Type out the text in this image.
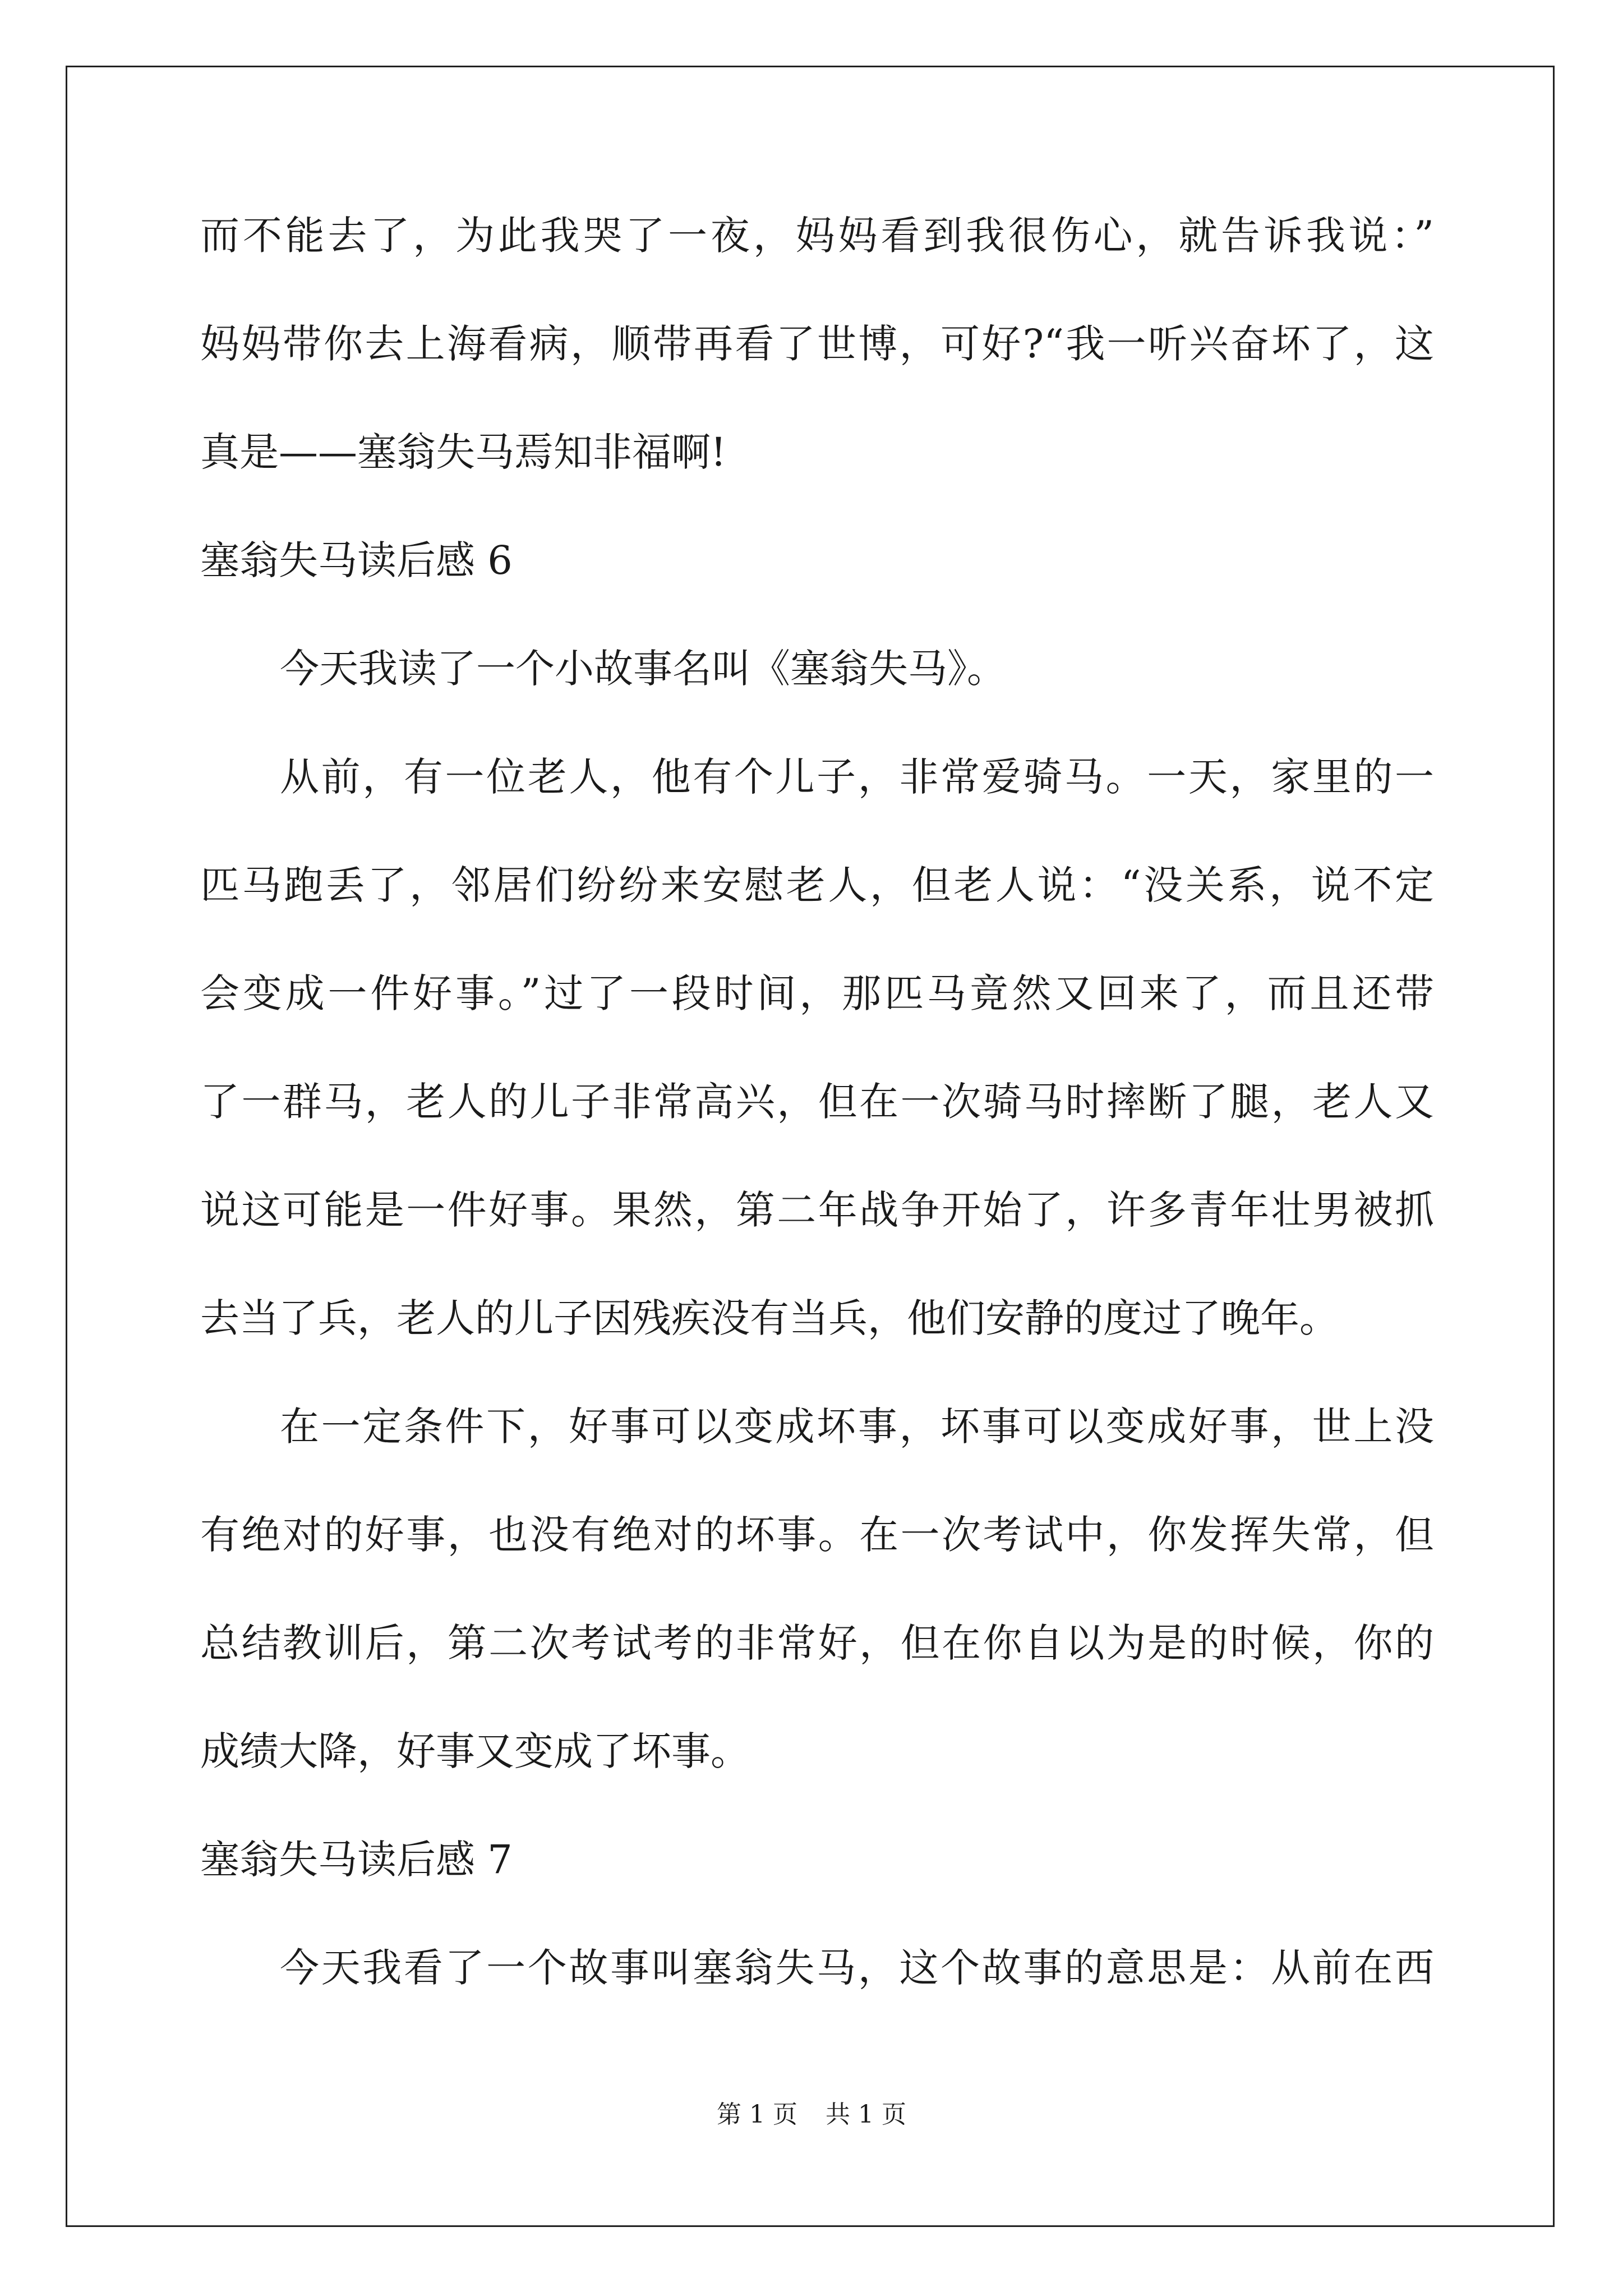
而不能去了，为此我哭了一夜，妈妈看到我很伤心，就告诉我说：”
妈妈带你去上海看病，顺带再看了世博，可好?“我一听兴奋坏了，这
真是——塞翁失马焉知非福啊!
塞翁失马读后感 6
今天我读了一个小故事名叫《塞翁失马》。
从前，有一位老人，他有个儿子，非常爱骑马。一天，家里的一
匹马跑丢了，邻居们纷纷来安慰老人，但老人说：“没关系，说不定
会变成一件好事。”过了一段时间，那匹马竟然又回来了，而且还带
了一群马，老人的儿子非常高兴，但在一次骑马时摔断了腿，老人又
说这可能是一件好事。果然，第二年战争开始了，许多青年壮男被抓
去当了兵，老人的儿子因残疾没有当兵，他们安静的度过了晚年。
在一定条件下，好事可以变成坏事，坏事可以变成好事，世上没
有绝对的好事，也没有绝对的坏事。在一次考试中，你发挥失常，但
总结教训后，第二次考试考的非常好，但在你自以为是的时候，你的
成绩大降，好事又变成了坏事。
塞翁失马读后感 7
今天我看了一个故事叫塞翁失马，这个故事的意思是：从前在西
第 1 页 共 1 页
